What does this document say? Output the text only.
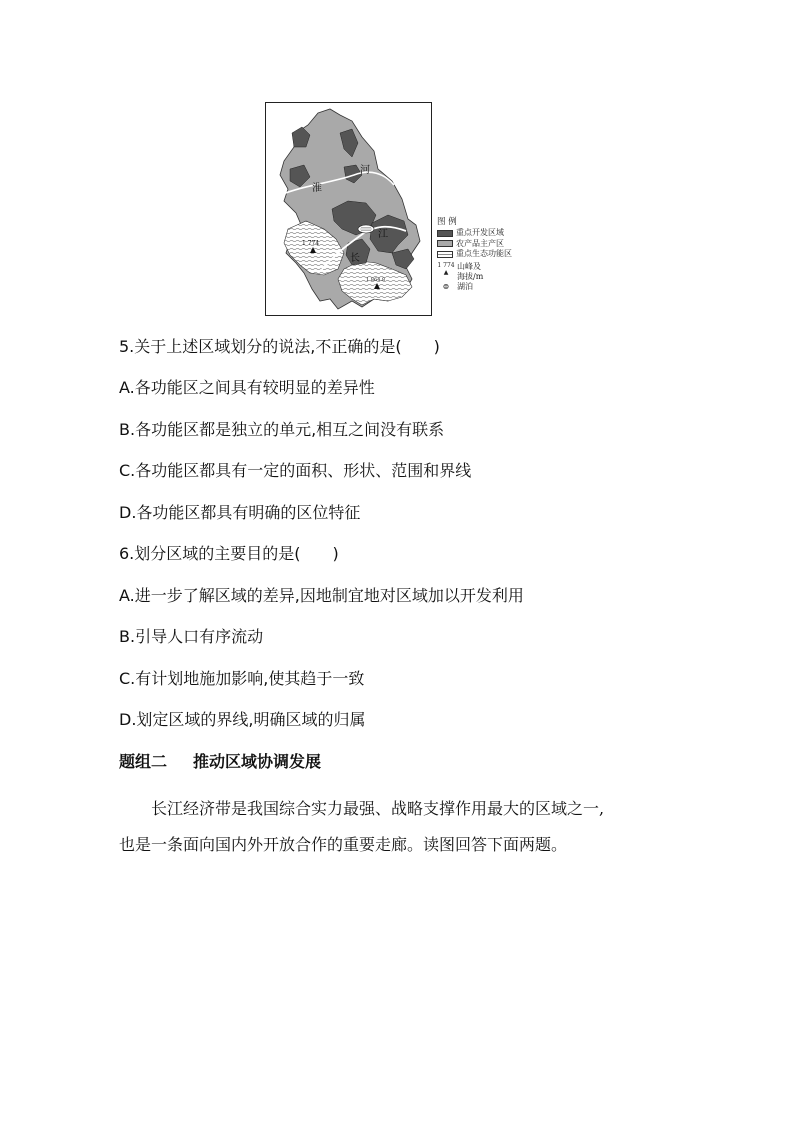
淮
河
江
长
1 774
1 864.8
图 例
重点开发区域
农产品主产区
重点生态功能区
1 774
▲
山峰及
海拔/m
⊜ 湖泊
5.关于上述区域划分的说法,不正确的是(　　)
A.各功能区之间具有较明显的差异性
B.各功能区都是独立的单元,相互之间没有联系
C.各功能区都具有一定的面积、形状、范围和界线
D.各功能区都具有明确的区位特征
6.划分区域的主要目的是(　　)
A.进一步了解区域的差异,因地制宜地对区域加以开发利用
B.引导人口有序流动
C.有计划地施加影响,使其趋于一致
D.划定区域的界线,明确区域的归属
题组二 推动区域协调发展
长江经济带是我国综合实力最强、战略支撑作用最大的区域之一,
也是一条面向国内外开放合作的重要走廊。读图回答下面两题。
